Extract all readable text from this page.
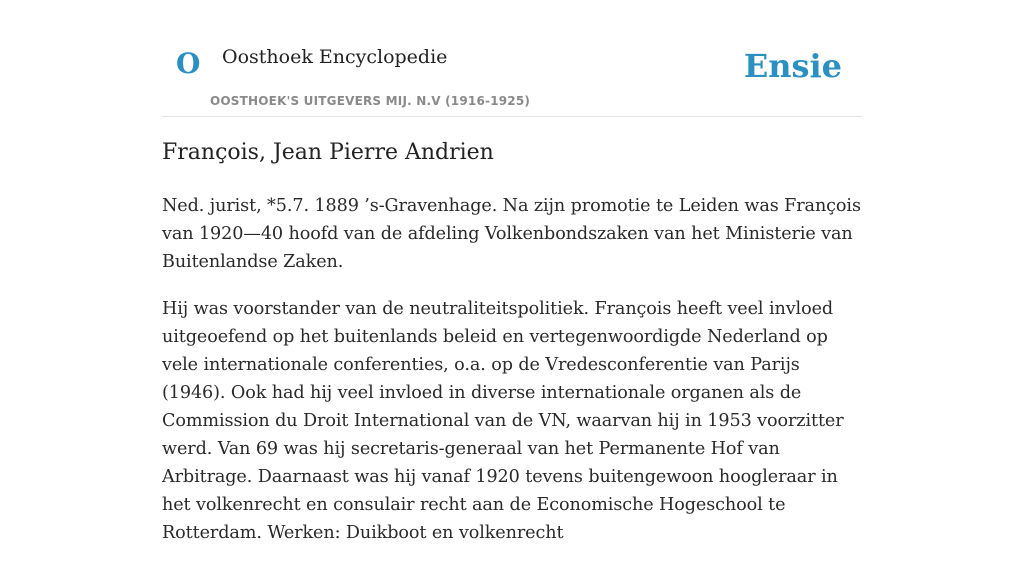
O Oosthoek Encyclopedie
OOSTHOEK'S UITGEVERS MIJ. N.V (1916-1925)
Ensie
François, Jean Pierre Andrien

Ned. jurist, *5.7. 1889 ’s-Gravenhage. Na zijn promotie te Leiden was François van 1920—40 hoofd van de afdeling Volkenbondszaken van het Ministerie van Buitenlandse Zaken.

Hij was voorstander van de neutraliteitspolitiek. François heeft veel invloed uitgeoefend op het buitenlands beleid en vertegenwoordigde Nederland op vele internationale conferenties, o.a. op de Vredesconferentie van Parijs (1946). Ook had hij veel invloed in diverse internationale organen als de Commission du Droit International van de VN, waarvan hij in 1953 voorzitter werd. Van 69 was hij secretaris-generaal van het Permanente Hof van Arbitrage. Daarnaast was hij vanaf 1920 tevens buitengewoon hoogleraar in het volkenrecht en consulair recht aan de Economische Hogeschool te Rotterdam. Werken: Duikboot en volkenrecht
